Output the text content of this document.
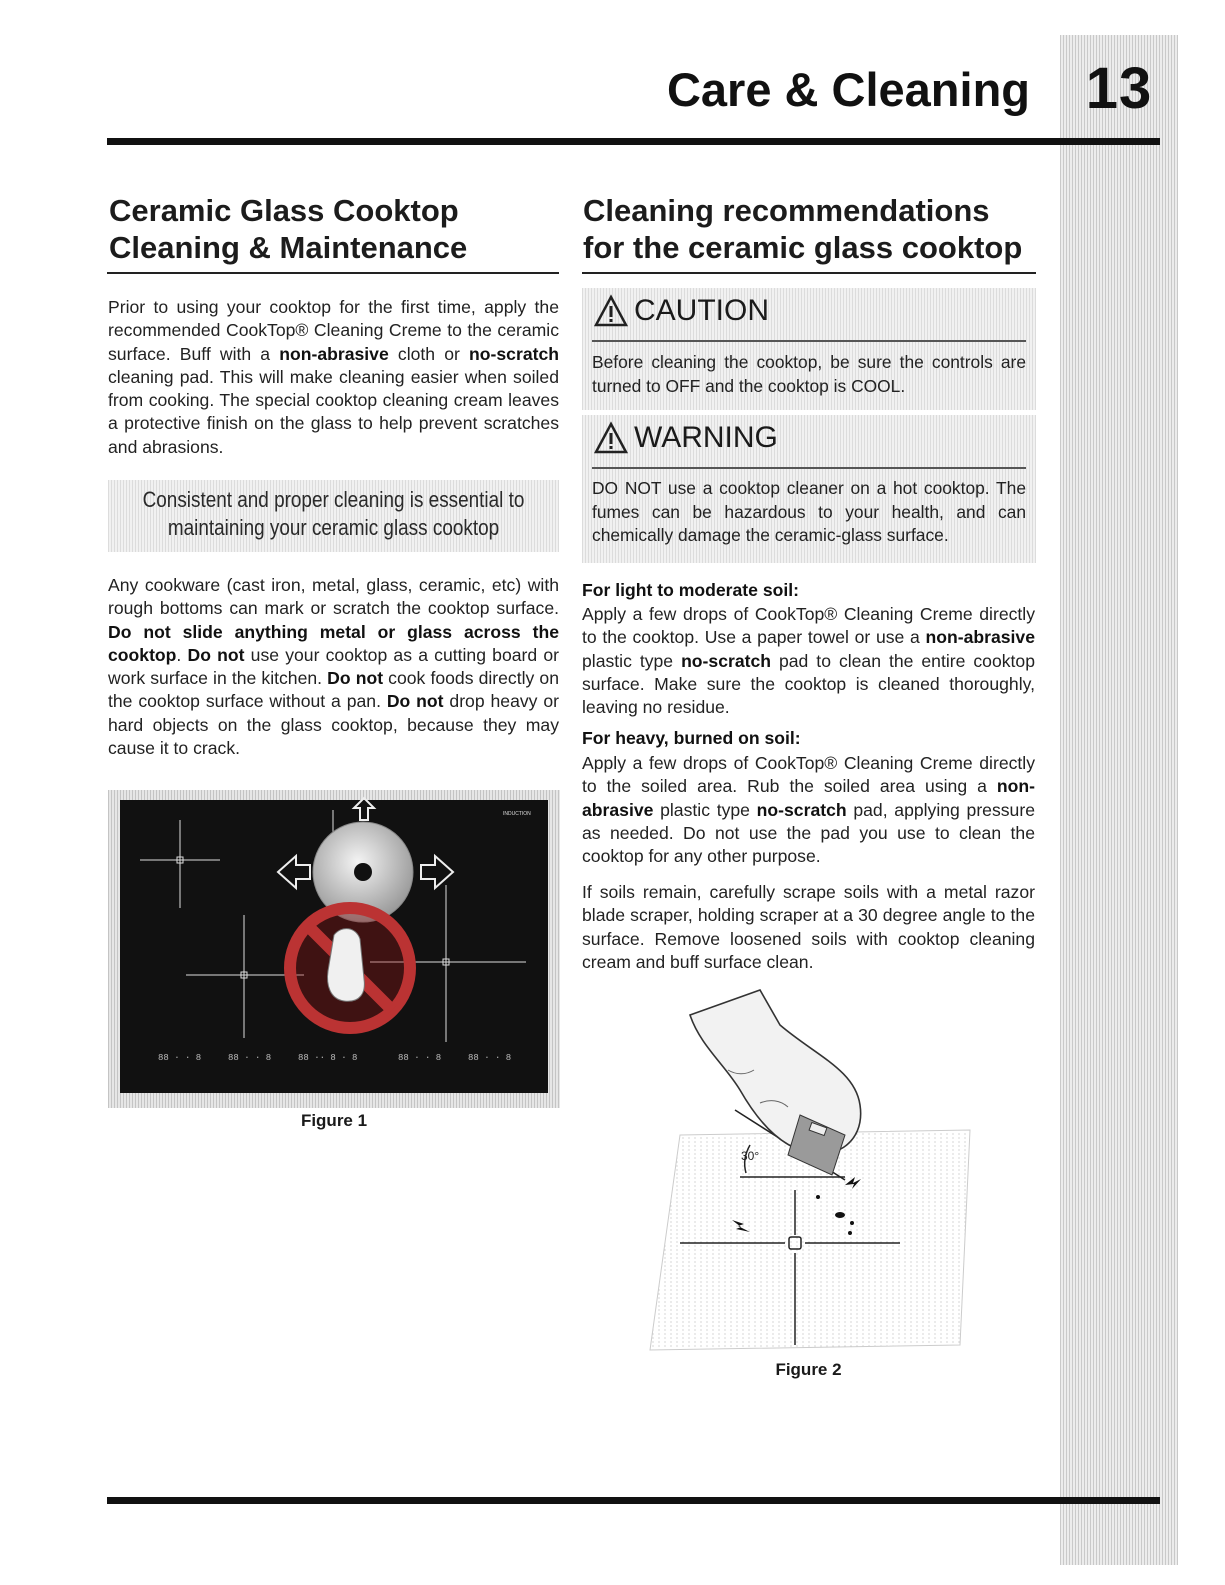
13
Care & Cleaning
Ceramic Glass Cooktop
Cleaning & Maintenance

Prior to using your cooktop for the first time, apply the recommended CookTop® Cleaning Creme to the ceramic surface. Buff with a non-abrasive cloth or no-scratch cleaning pad. This will make cleaning easier when soiled from cooking. The special cooktop cleaning cream leaves a protective finish on the glass to help prevent scratches and abrasions.

Consistent and proper cleaning is essential to
maintaining your ceramic glass cooktop

Any cookware (cast iron, metal, glass, ceramic, etc) with rough bottoms can mark or scratch the cooktop surface. Do not slide anything metal or glass across the cooktop. Do not use your cooktop as a cutting board or work surface in the kitchen. Do not cook foods directly on the cooktop surface without a pan. Do not drop heavy or hard objects on the glass cooktop, because they may cause it to crack.

INDUCTION
88 · · 8	88 · · 8	88 ·· 8 · 8	88 · · 8	88 · · 8
Figure 1
Cleaning recommendations
for the ceramic glass cooktop
CAUTION
Before cleaning the cooktop, be sure the controls are turned to OFF and the cooktop is COOL.
WARNING
DO NOT use a cooktop cleaner on a hot cooktop. The fumes can be hazardous to your health, and can chemically damage the ceramic-glass surface.

For light to moderate soil:

Apply a few drops of CookTop® Cleaning Creme directly to the cooktop. Use a paper towel or use a non-abrasive plastic type no-scratch pad to clean the entire cooktop surface. Make sure the cooktop is cleaned thoroughly, leaving no residue.

For heavy, burned on soil:

Apply a few drops of CookTop® Cleaning Creme directly to the soiled area. Rub the soiled area using a non-abrasive plastic type no-scratch pad, applying pressure as needed. Do not use the pad you use to clean the cooktop for any other purpose.

If soils remain, carefully scrape soils with a metal razor blade scraper, holding scraper at a 30 degree angle to the surface. Remove loosened soils with cooktop cleaning cream and buff surface clean.

30°
Figure 2
